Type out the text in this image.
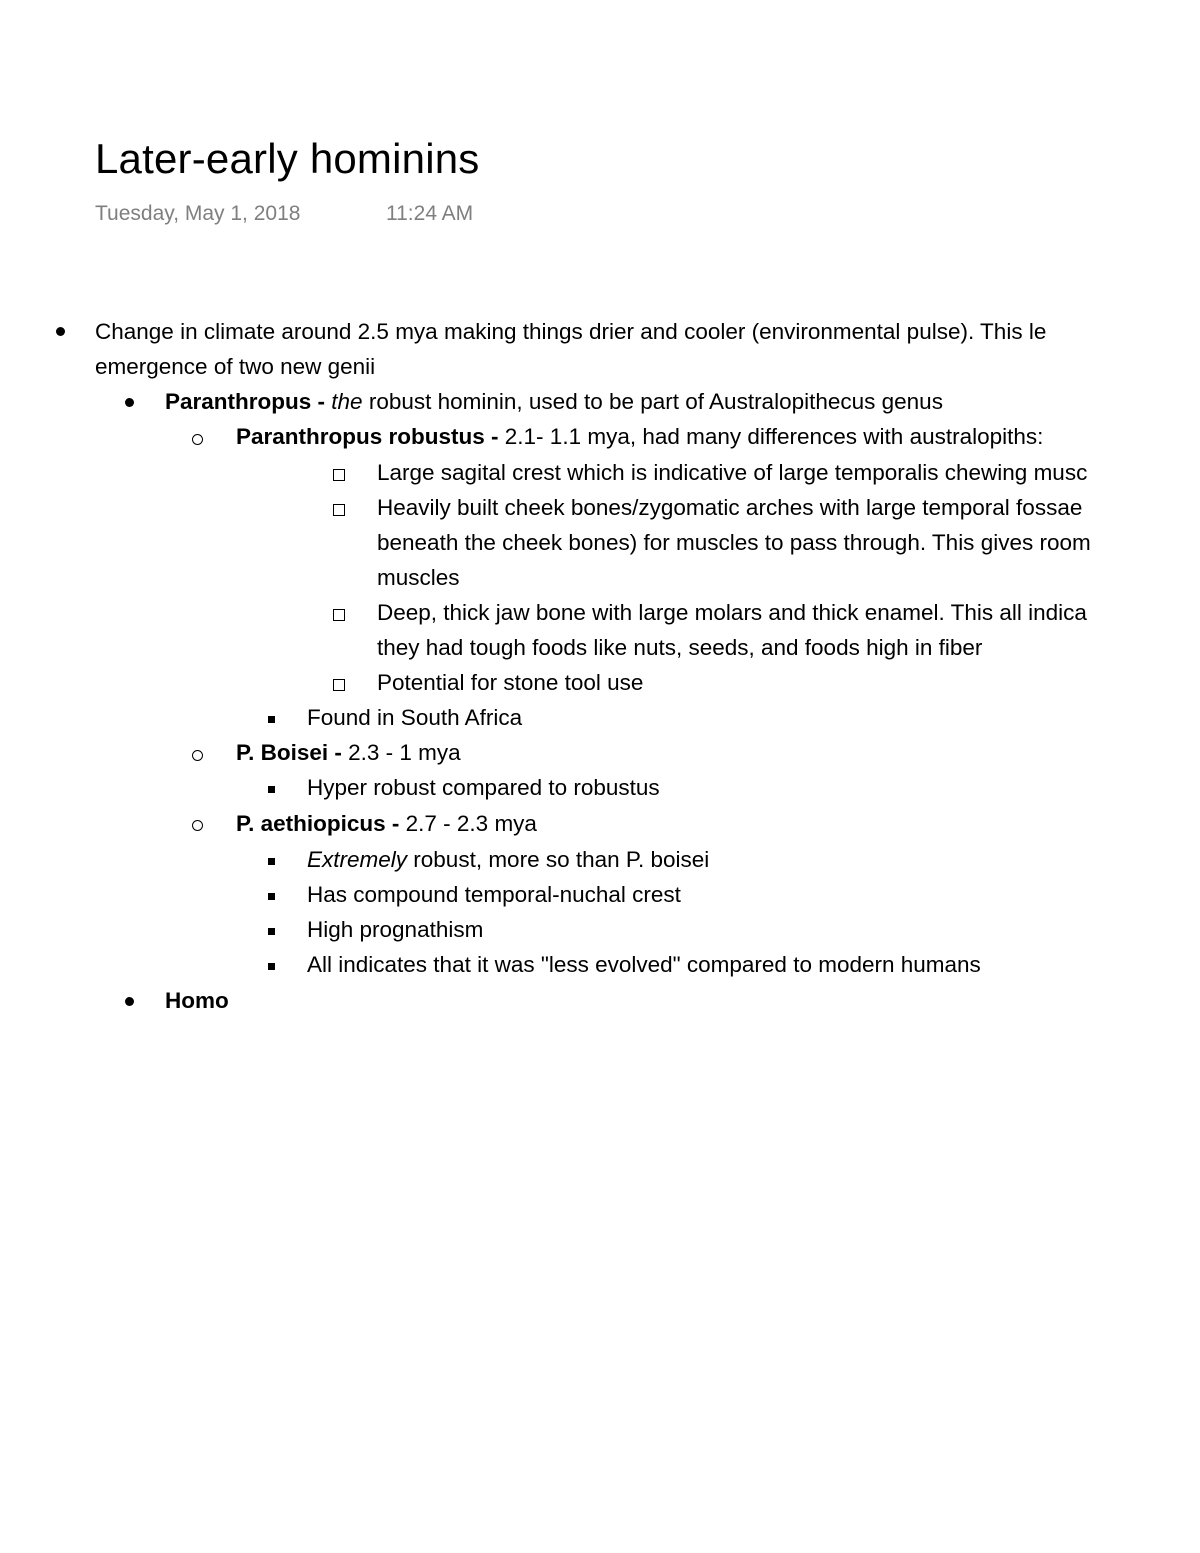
Later-early hominins
Tuesday, May 1, 2018	11:24 AM
Change in climate around 2.5 mya making things drier and cooler (environmental pulse). This le
emergence of two new genii
Paranthropus - the robust hominin, used to be part of Australopithecus genus
Paranthropus robustus - 2.1- 1.1 mya, had many differences with australopiths:
Large sagital crest which is indicative of large temporalis chewing musc
Heavily built cheek bones/zygomatic arches with large temporal fossae
beneath the cheek bones) for muscles to pass through. This gives room
muscles
Deep, thick jaw bone with large molars and thick enamel. This all indica
they had tough foods like nuts, seeds, and foods high in fiber
Potential for stone tool use
Found in South Africa
P. Boisei - 2.3 - 1 mya
Hyper robust compared to robustus
P. aethiopicus - 2.7 - 2.3 mya
Extremely robust, more so than P. boisei
Has compound temporal-nuchal crest
High prognathism
All indicates that it was "less evolved" compared to modern humans
Homo
